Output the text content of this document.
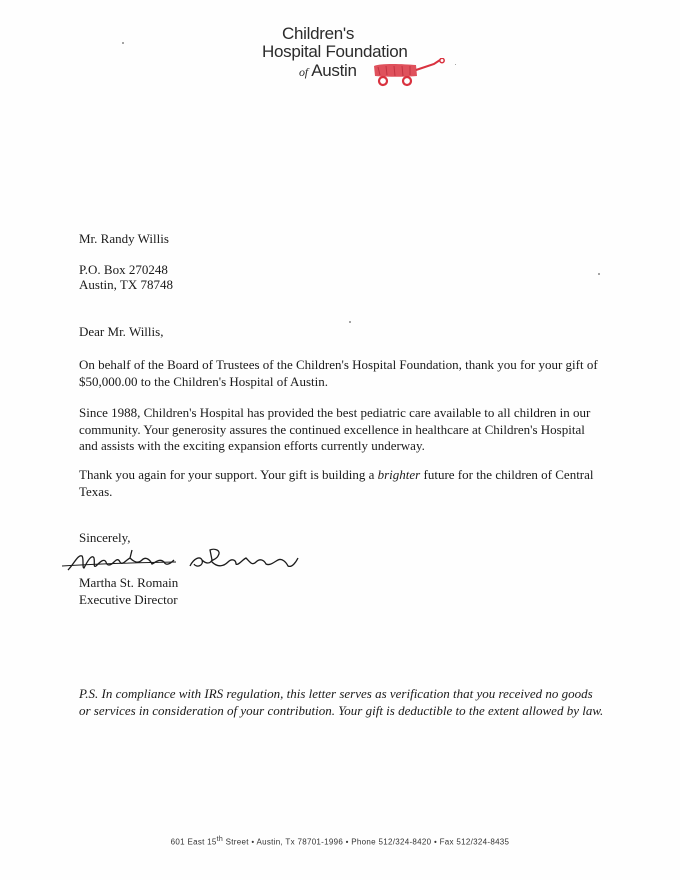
Children's
Hospital Foundation
of Austin
Mr. Randy Willis
P.O. Box 270248
Austin, TX 78748
Dear Mr. Willis,
On behalf of the Board of Trustees of the Children's Hospital Foundation, thank you for your gift of $50,000.00 to the Children's Hospital of Austin.
Since 1988, Children's Hospital has provided the best pediatric care available to all children in our community. Your generosity assures the continued excellence in healthcare at Children's Hospital and assists with the exciting expansion efforts currently underway.
Thank you again for your support. Your gift is building a brighter future for the children of Central Texas.
Sincerely,
Martha St. Romain
Executive Director
P.S. In compliance with IRS regulation, this letter serves as verification that you received no goods or services in consideration of your contribution. Your gift is deductible to the extent allowed by law.
601 East 15th Street • Austin, Tx 78701-1996 • Phone 512/324-8420 • Fax 512/324-8435
